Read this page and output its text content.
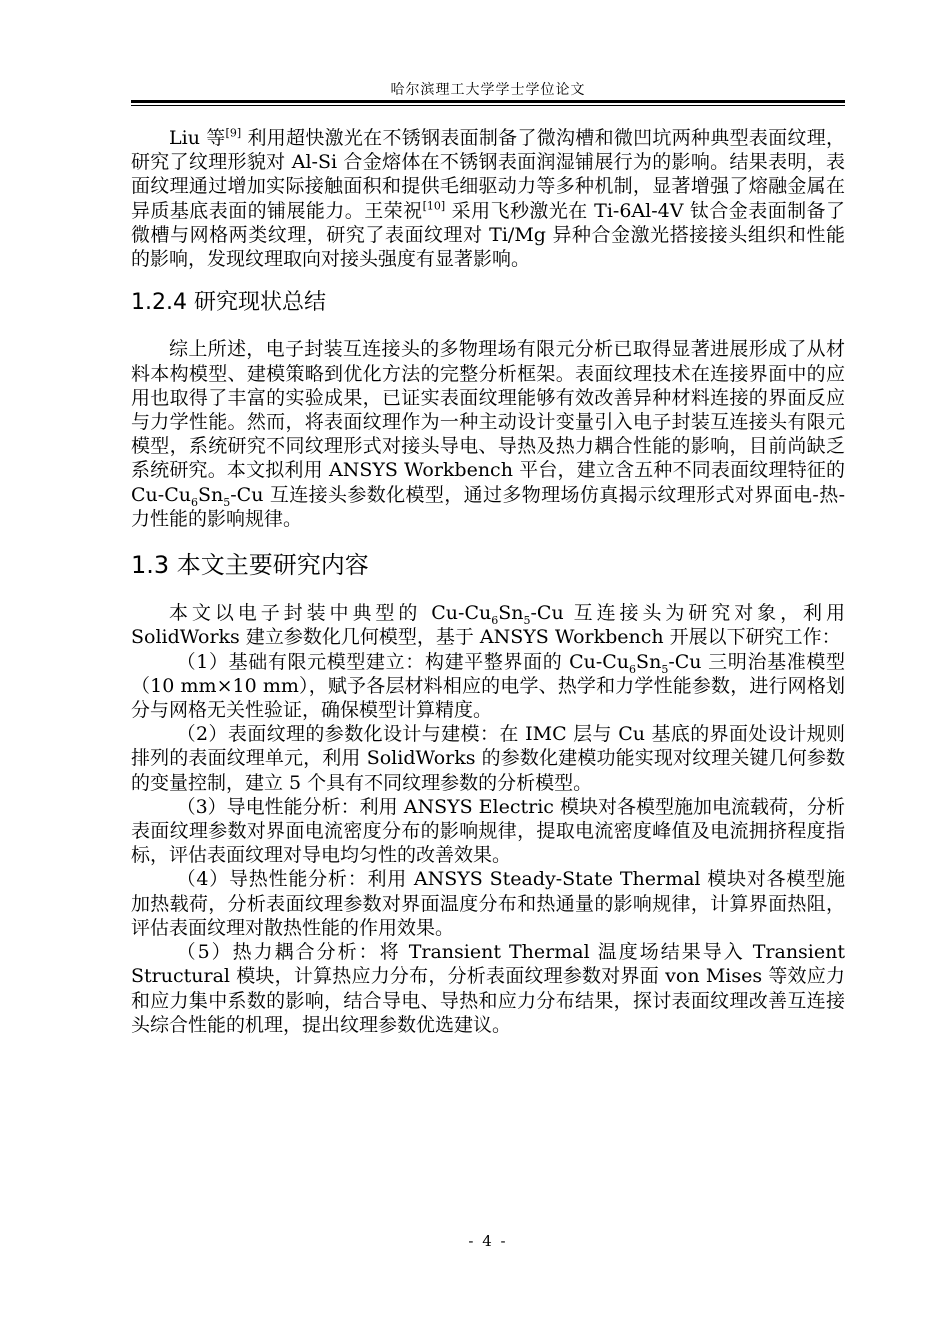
哈尔滨理工大学学士学位论文

Liu 等[9] 利用超快激光在不锈钢表面制备了微沟槽和微凹坑两种典型表面纹理，研究了纹理形貌对 Al-Si 合金熔体在不锈钢表面润湿铺展行为的影响。结果表明，表面纹理通过增加实际接触面积和提供毛细驱动力等多种机制，显著增强了熔融金属在异质基底表面的铺展能力。王荣祝[10] 采用飞秒激光在 Ti-6Al-4V 钛合金表面制备了微槽与网格两类纹理，研究了表面纹理对 Ti/Mg 异种合金激光搭接接头组织和性能的影响，发现纹理取向对接头强度有显著影响。

1.2.4 研究现状总结

综上所述，电子封装互连接头的多物理场有限元分析已取得显著进展形成了从材料本构模型、建模策略到优化方法的完整分析框架。表面纹理技术在连接界面中的应用也取得了丰富的实验成果，已证实表面纹理能够有效改善异种材料连接的界面反应与力学性能。然而，将表面纹理作为一种主动设计变量引入电子封装互连接头有限元模型，系统研究不同纹理形式对接头导电、导热及热力耦合性能的影响，目前尚缺乏系统研究。本文拟利用 ANSYS Workbench 平台，建立含五种不同表面纹理特征的 $Cu-Cu_6Sn_5-Cu$ 互连接头参数化模型，通过多物理场仿真揭示纹理形式对界面电-热-力性能的影响规律。

1.3 本文主要研究内容

本文以电子封装中典型的 $Cu-Cu_6Sn_5-Cu$ 互连接头为研究对象，利用 SolidWorks 建立参数化几何模型，基于 ANSYS Workbench 开展以下研究工作：

（1）基础有限元模型建立：构建平整界面的 $Cu-Cu_6Sn_5-Cu$ 三明治基准模型（10 mm×10 mm），赋予各层材料相应的电学、热学和力学性能参数，进行网格划分与网格无关性验证，确保模型计算精度。

（2）表面纹理的参数化设计与建模：在 IMC 层与 Cu 基底的界面处设计规则排列的表面纹理单元，利用 SolidWorks 的参数化建模功能实现对纹理关键几何参数的变量控制，建立 5 个具有不同纹理参数的分析模型。

（3）导电性能分析：利用 ANSYS Electric 模块对各模型施加电流载荷，分析表面纹理参数对界面电流密度分布的影响规律，提取电流密度峰值及电流拥挤程度指标，评估表面纹理对导电均匀性的改善效果。

（4）导热性能分析：利用 ANSYS Steady-State Thermal 模块对各模型施加热载荷，分析表面纹理参数对界面温度分布和热通量的影响规律，计算界面热阻，评估表面纹理对散热性能的作用效果。

（5）热力耦合分析：将 Transient Thermal 温度场结果导入 Transient Structural 模块，计算热应力分布，分析表面纹理参数对界面 von Mises 等效应力和应力集中系数的影响，结合导电、导热和应力分布结果，探讨表面纹理改善互连接头综合性能的机理，提出纹理参数优选建议。

- 4 -
